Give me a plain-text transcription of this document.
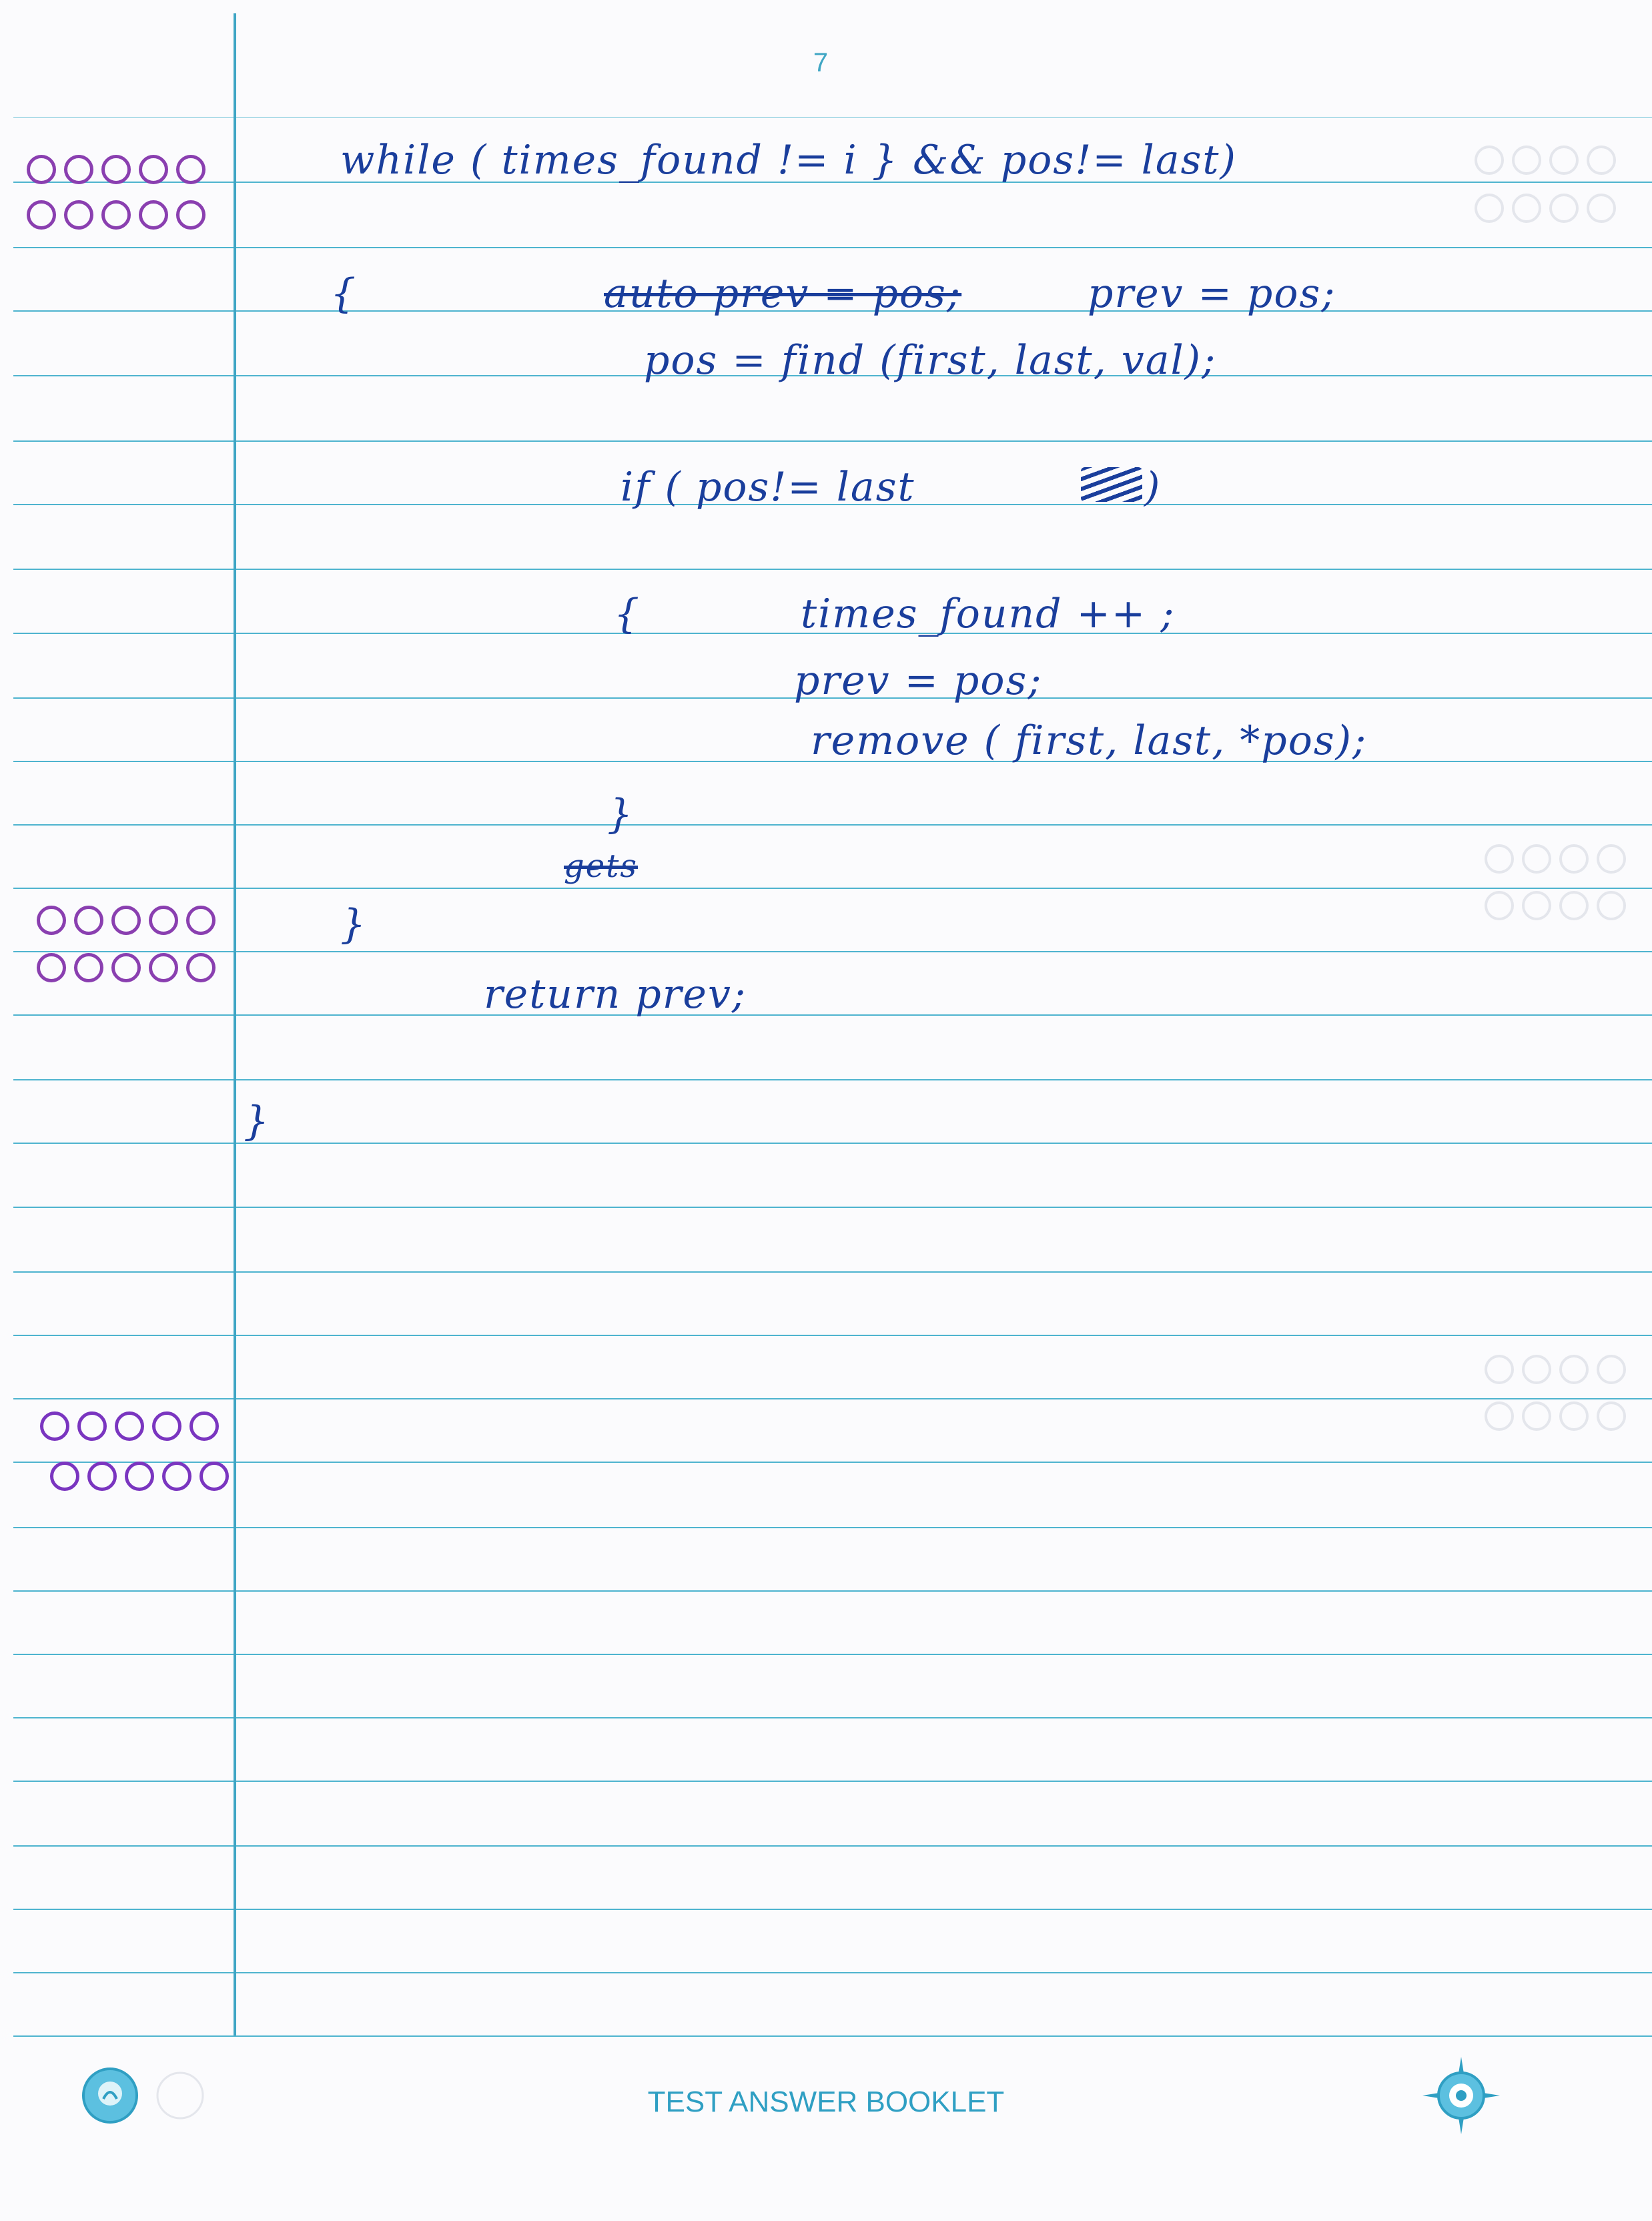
7
while ( times_found != i } && pos!= last)
{	auto prev = pos;	prev = pos;
pos = find (first, last, val);
if ( pos!= last	)
{	times_found ++ ;
prev = pos;
remove ( first, last, *pos);
}
gets
}
return prev;
}
TEST ANSWER BOOKLET
